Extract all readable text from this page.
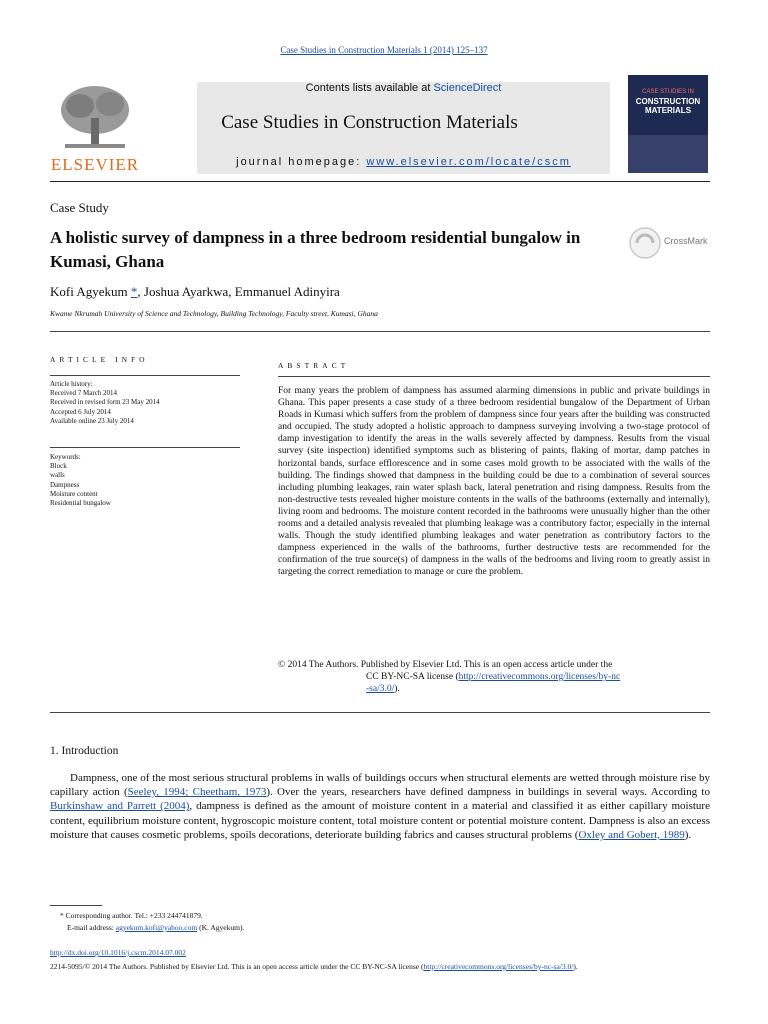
Case Studies in Construction Materials 1 (2014) 125–137
Contents lists available at ScienceDirect
Case Studies in Construction Materials
journal homepage: www.elsevier.com/locate/cscm
ELSEVIER
CASE STUDIES IN
CONSTRUCTION MATERIALS
Case Study
A holistic survey of dampness in a three bedroom residential bungalow in Kumasi, Ghana
CrossMark
Kofi Agyekum *, Joshua Ayarkwa, Emmanuel Adinyira
Kwame Nkrumah University of Science and Technology, Building Technology, Faculty street, Kumasi, Ghana
ARTICLE INFO
Article history:
Received 7 March 2014
Received in revised form 23 May 2014
Accepted 6 July 2014
Available online 23 July 2014
Keywords:
Block
walls
Dampness
Moisture content
Residential bungalow
ABSTRACT
For many years the problem of dampness has assumed alarming dimensions in public and private buildings in Ghana. This paper presents a case study of a three bedroom residential bungalow of the Department of Urban Roads in Kumasi which suffers from the problem of dampness since four years after the building was constructed and occupied. The study adopted a holistic approach to dampness surveying involving a two-stage protocol of damp investigation to identify the areas in the walls severely affected by dampness. Results from the visual survey (site inspection) identified symptoms such as blistering of paints, flaking of mortar, damp patches in horizontal bands, surface efflorescence and in some cases mold growth to be associated with the walls of the building. The findings showed that dampness in the building could be due to a combination of several sources including plumbing leakages, rain water splash back, lateral penetration and rising dampness. Results from the non-destructive tests revealed higher moisture contents in the walls of the bathrooms (externally and internally), living room and bedrooms. The moisture content recorded in the bathrooms were unusually higher than the other rooms and a detailed analysis revealed that plumbing leakage was a contributory factor, especially in the internal walls. Though the study identified plumbing leakages and water penetration as contributory factors to the dampness experienced in the walls of the bathrooms, further destructive tests are recommended for the confirmation of the true source(s) of dampness in the walls of the bedrooms and living room to greatly assist in targeting the correct remediation to manage or cure the problem.
© 2014 The Authors. Published by Elsevier Ltd. This is an open access article under the
CC BY-NC-SA license (http://creativecommons.org/licenses/by-nc-sa/3.0/).
1. Introduction
Dampness, one of the most serious structural problems in walls of buildings occurs when structural elements are wetted through moisture rise by capillary action (Seeley, 1994; Cheetham, 1973). Over the years, researchers have defined dampness in buildings in several ways. According to Burkinshaw and Parrett (2004), dampness is defined as the amount of moisture content in a material and classified it as either capillary moisture content, equilibrium moisture content, hygroscopic moisture content, total moisture content or potential moisture content. Dampness is also an excess moisture that causes cosmetic problems, spoils decorations, deteriorate building fabrics and causes structural problems (Oxley and Gobert, 1989).
* Corresponding author. Tel.: +233 244741879.
E-mail address: agyekum.kofi@yahoo.com (K. Agyekum).
http://dx.doi.org/10.1016/j.cscm.2014.07.002
2214-5095/© 2014 The Authors. Published by Elsevier Ltd. This is an open access article under the CC BY-NC-SA license (http://creativecommons.org/licenses/by-nc-sa/3.0/).
